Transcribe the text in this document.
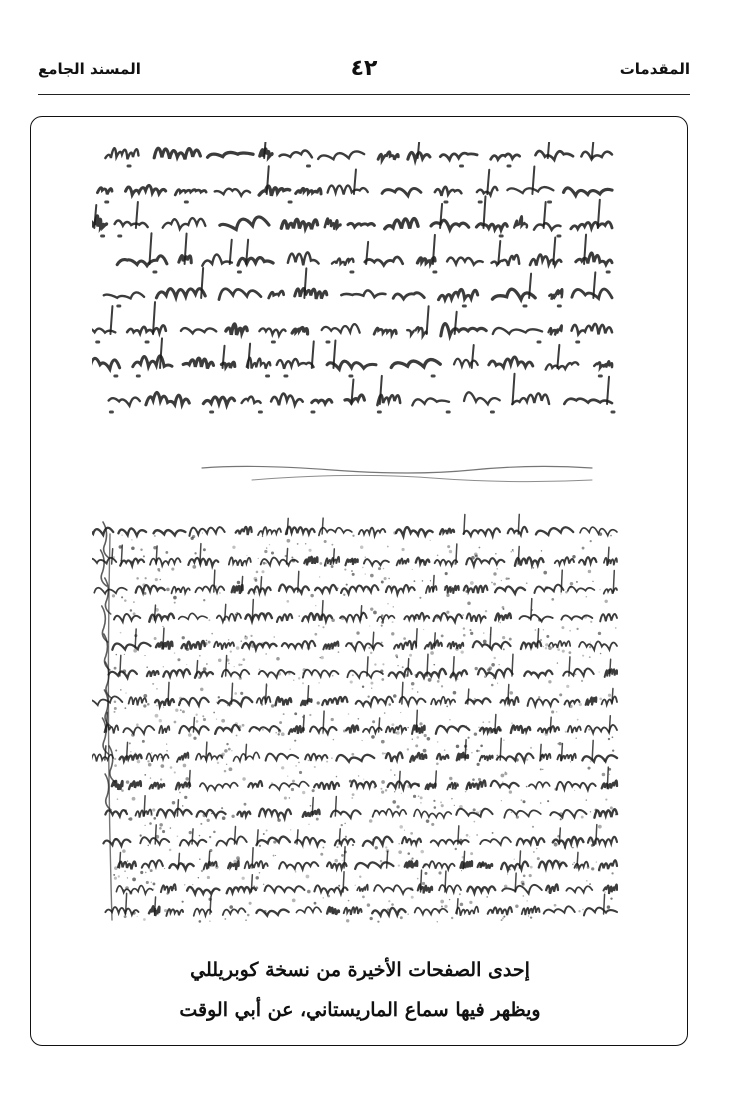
المسند الجامع	٤٢	المقدمات
إحدى الصفحات الأخيرة من نسخة كوبريللي
ويظهر فيها سماع الماريستاني، عن أبي الوقت
